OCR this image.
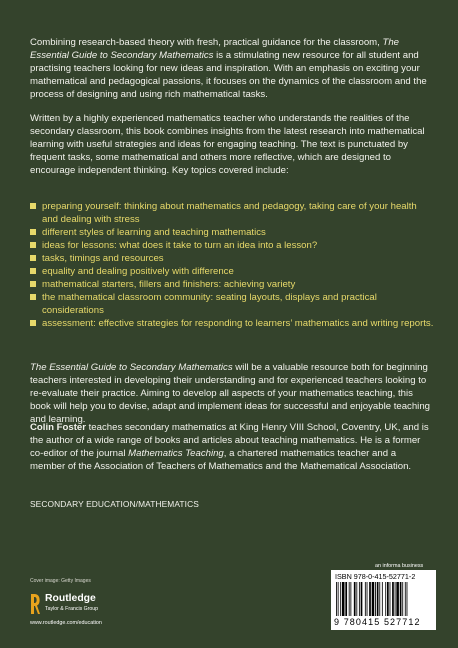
Combining research-based theory with fresh, practical guidance for the classroom, The Essential Guide to Secondary Mathematics is a stimulating new resource for all student and practising teachers looking for new ideas and inspiration. With an emphasis on exciting your mathematical and pedagogical passions, it focuses on the dynamics of the classroom and the process of designing and using rich mathematical tasks.

Written by a highly experienced mathematics teacher who understands the realities of the secondary classroom, this book combines insights from the latest research into mathematical learning with useful strategies and ideas for engaging teaching. The text is punctuated by frequent tasks, some mathematical and others more reflective, which are designed to encourage independent thinking. Key topics covered include:

preparing yourself: thinking about mathematics and pedagogy, taking care of your health and dealing with stress
different styles of learning and teaching mathematics
ideas for lessons: what does it take to turn an idea into a lesson?
tasks, timings and resources
equality and dealing positively with difference
mathematical starters, fillers and finishers: achieving variety
the mathematical classroom community: seating layouts, displays and practical considerations
assessment: effective strategies for responding to learners’ mathematics and writing reports.

The Essential Guide to Secondary Mathematics will be a valuable resource both for beginning teachers interested in developing their understanding and for experienced teachers looking to re-evaluate their practice. Aiming to develop all aspects of your mathematics teaching, this book will help you to devise, adapt and implement ideas for successful and enjoyable teaching and learning.

Colin Foster teaches secondary mathematics at King Henry VIII School, Coventry, UK, and is the author of a wide range of books and articles about teaching mathematics. He is a former co-editor of the journal Mathematics Teaching, a chartered mathematics teacher and a member of the Association of Teachers of Mathematics and the Mathematical Association.

SECONDARY EDUCATION/MATHEMATICS
Cover image: Getty Images
Routledge
Taylor & Francis Group
www.routledge.com/education
an informa business
ISBN 978-0-415-52771-2
9 780415 527712
